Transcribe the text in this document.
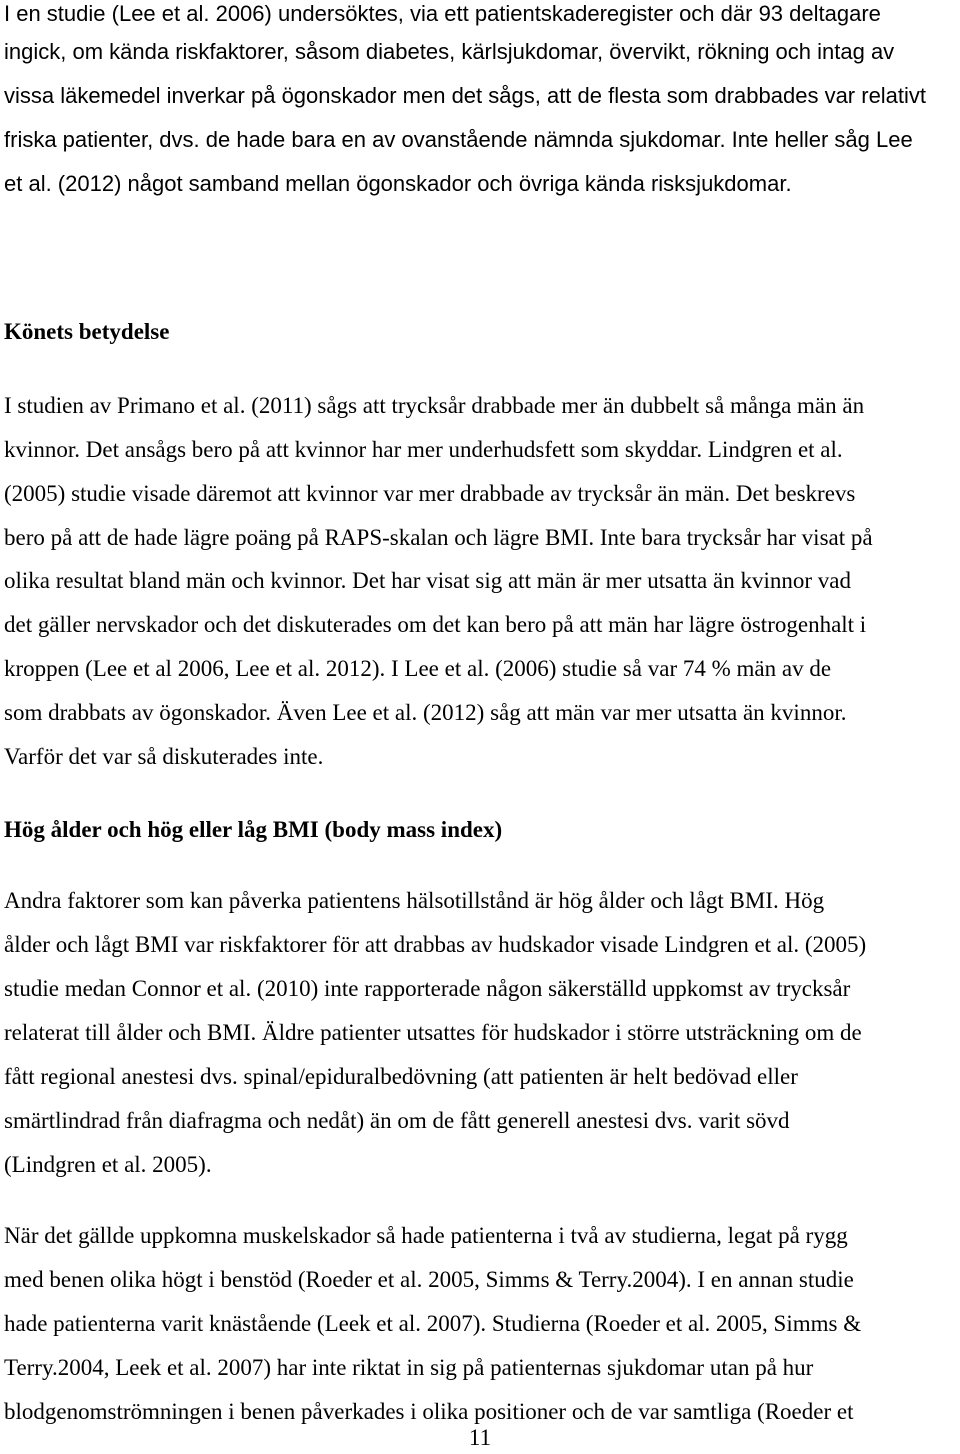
I en studie (Lee et al. 2006) undersöktes, via ett patientskaderegister och där 93 deltagare
ingick, om kända riskfaktorer, såsom diabetes, kärlsjukdomar, övervikt, rökning och intag av
vissa läkemedel inverkar på ögonskador men det sågs, att de flesta som drabbades var relativt
friska patienter, dvs. de hade bara en av ovanstående nämnda sjukdomar. Inte heller såg Lee
et al. (2012) något samband mellan ögonskador och övriga kända risksjukdomar.
Könets betydelse
I studien av Primano et al. (2011) sågs att trycksår drabbade mer än dubbelt så många män än
kvinnor. Det ansågs bero på att kvinnor har mer underhudsfett som skyddar. Lindgren et al.
(2005) studie visade däremot att kvinnor var mer drabbade av trycksår än män. Det beskrevs
bero på att de hade lägre poäng på RAPS-skalan och lägre BMI. Inte bara trycksår har visat på
olika resultat bland män och kvinnor. Det har visat sig att män är mer utsatta än kvinnor vad
det gäller nervskador och det diskuterades om det kan bero på att män har lägre östrogenhalt i
kroppen (Lee et al 2006, Lee et al. 2012). I Lee et al. (2006) studie så var 74 % män av de
som drabbats av ögonskador. Även Lee et al. (2012) såg att män var mer utsatta än kvinnor.
Varför det var så diskuterades inte.
Hög ålder och hög eller låg BMI (body mass index)
Andra faktorer som kan påverka patientens hälsotillstånd är hög ålder och lågt BMI. Hög
ålder och lågt BMI var riskfaktorer för att drabbas av hudskador visade Lindgren et al. (2005)
studie medan Connor et al. (2010) inte rapporterade någon säkerställd uppkomst av trycksår
relaterat till ålder och BMI. Äldre patienter utsattes för hudskador i större utsträckning om de
fått regional anestesi dvs. spinal/epiduralbedövning (att patienten är helt bedövad eller
smärtlindrad från diafragma och nedåt) än om de fått generell anestesi dvs. varit sövd
(Lindgren et al. 2005).
När det gällde uppkomna muskelskador så hade patienterna i två av studierna, legat på rygg
med benen olika högt i benstöd (Roeder et al. 2005, Simms & Terry.2004). I en annan studie
hade patienterna varit knästående (Leek et al. 2007). Studierna (Roeder et al. 2005, Simms &
Terry.2004, Leek et al. 2007) har inte riktat in sig på patienternas sjukdomar utan på hur
blodgenomströmningen i benen påverkades i olika positioner och de var samtliga (Roeder et
11
